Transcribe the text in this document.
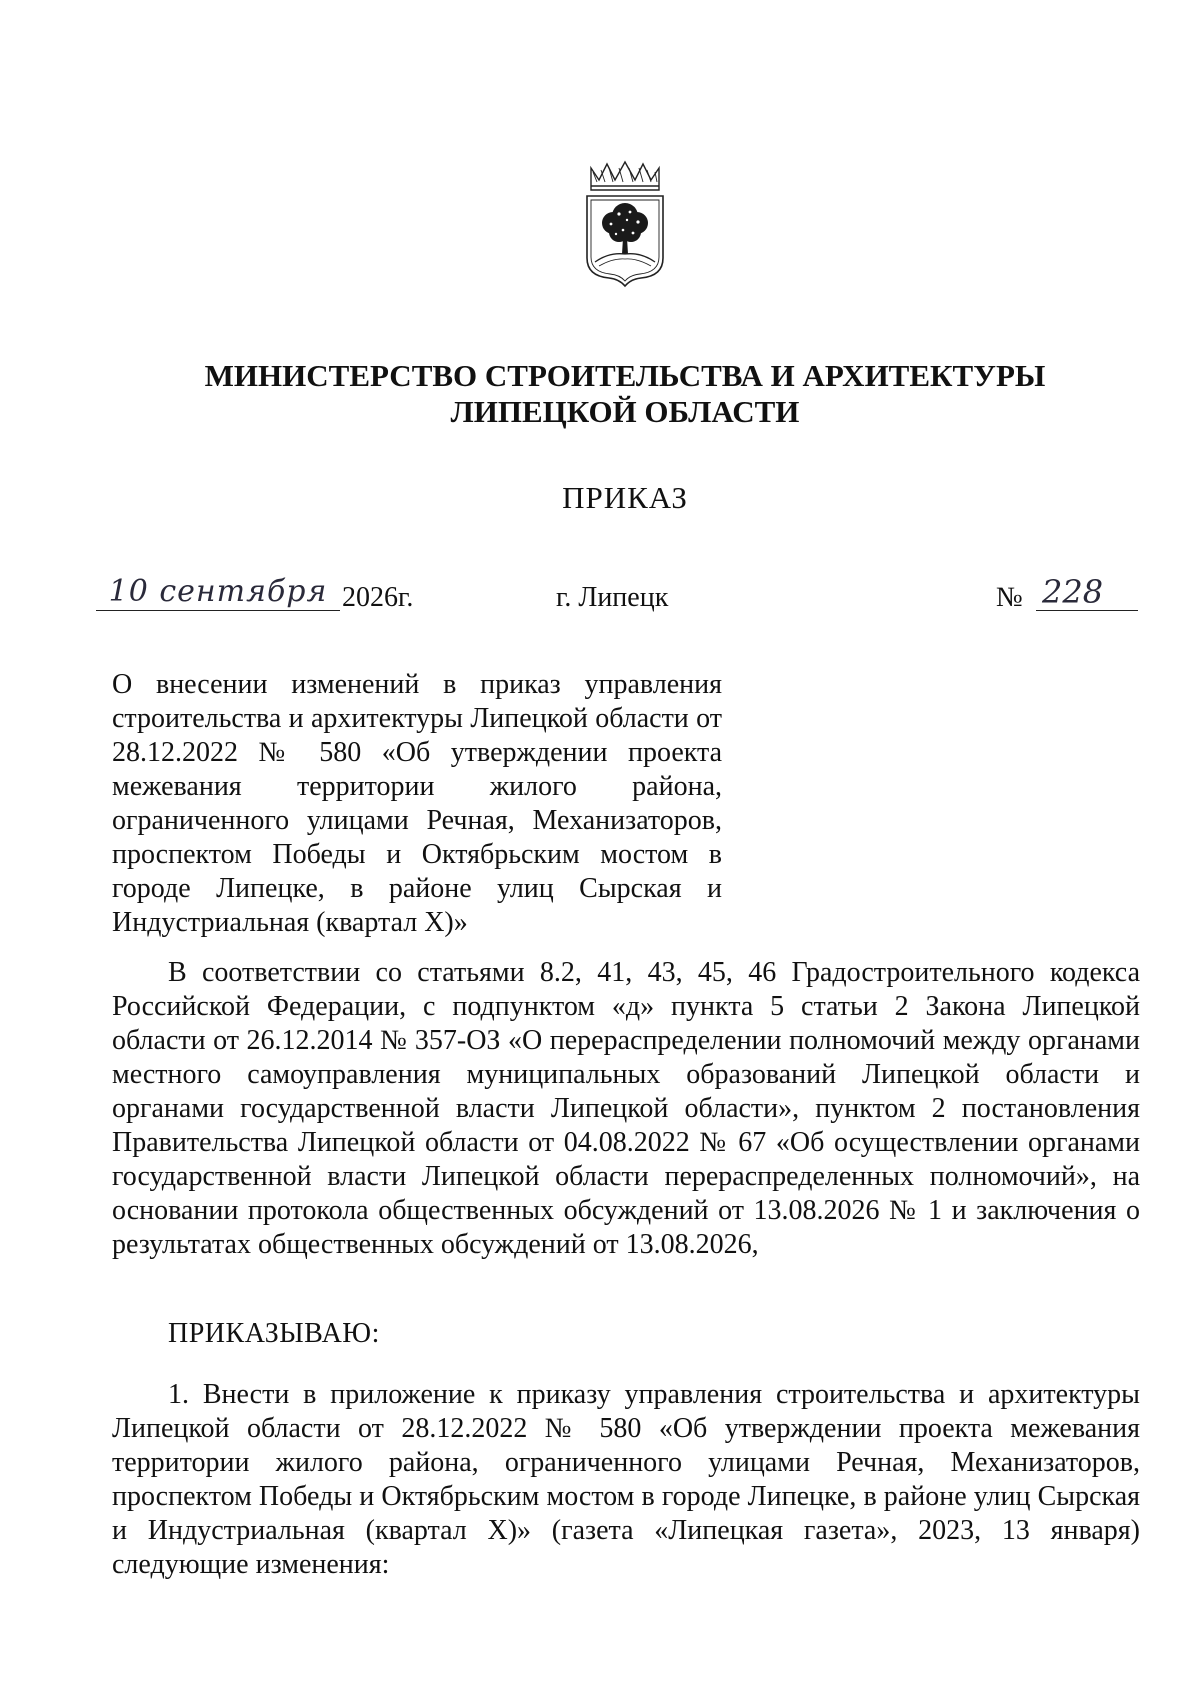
МИНИСТЕРСТВО СТРОИТЕЛЬСТВА И АРХИТЕКТУРЫ
ЛИПЕЦКОЙ ОБЛАСТИ
ПРИКАЗ
10 сентября 2026г.	г. Липецк	№ 228
О внесении изменений в приказ управления строительства и архитектуры Липецкой области от 28.12.2022 № 580 «Об утверждении проекта межевания территории жилого района, ограниченного улицами Речная, Механизаторов, проспектом Победы и Октябрьским мостом в городе Липецке, в районе улиц Сырская и Индустриальная (квартал X)»
В соответствии со статьями 8.2, 41, 43, 45, 46 Градостроительного кодекса Российской Федерации, с подпунктом «д» пункта 5 статьи 2 Закона Липецкой области от 26.12.2014 № 357-ОЗ «О перераспределении полномочий между органами местного самоуправления муниципальных образований Липецкой области и органами государственной власти Липецкой области», пунктом 2 постановления Правительства Липецкой области от 04.08.2022 № 67 «Об осуществлении органами государственной власти Липецкой области перераспределенных полномочий», на основании протокола общественных обсуждений от 13.08.2026 № 1 и заключения о результатах общественных обсуждений от 13.08.2026,
ПРИКАЗЫВАЮ:
1. Внести в приложение к приказу управления строительства и архитектуры Липецкой области от 28.12.2022 № 580 «Об утверждении проекта межевания территории жилого района, ограниченного улицами Речная, Механизаторов, проспектом Победы и Октябрьским мостом в городе Липецке, в районе улиц Сырская и Индустриальная (квартал X)» (газета «Липецкая газета», 2023, 13 января) следующие изменения:
